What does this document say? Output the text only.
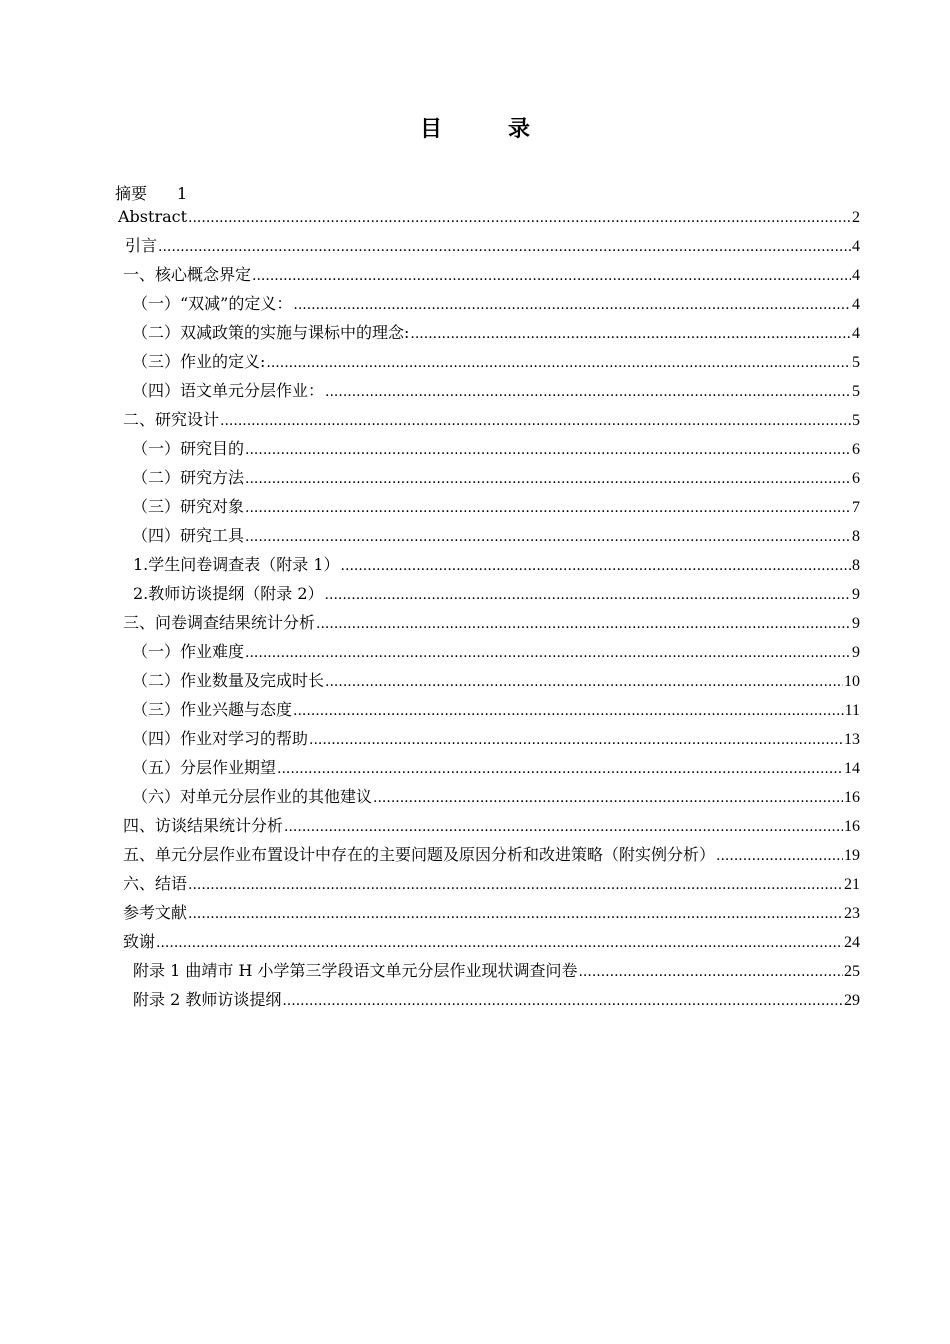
目　录
摘要 1
Abstract .....	2
引言 .....	4
一、核心概念界定 .....	4
（一）“双减”的定义： .....	4
（二）双减政策的实施与课标中的理念: .....	4
（三）作业的定义: .....	5
（四）语文单元分层作业： .....	5
二、研究设计 .....	5
（一）研究目的 .....	6
（二）研究方法 .....	6
（三）研究对象 .....	7
（四）研究工具 .....	8
1.学生问卷调查表（附录 1） .....	8
2.教师访谈提纲（附录 2） .....	9
三、问卷调查结果统计分析 .....	9
（一）作业难度 .....	9
（二）作业数量及完成时长 .....	10
（三）作业兴趣与态度 .....	11
（四）作业对学习的帮助 .....	13
（五）分层作业期望 .....	14
（六）对单元分层作业的其他建议 .....	16
四、访谈结果统计分析 .....	16
五、单元分层作业布置设计中存在的主要问题及原因分析和改进策略（附实例分析） .....	19
六、结语 .....	21
参考文献 .....	23
致谢 .....	24
附录 1 曲靖市 H 小学第三学段语文单元分层作业现状调查问卷 .....	25
附录 2 教师访谈提纲 .....	29
